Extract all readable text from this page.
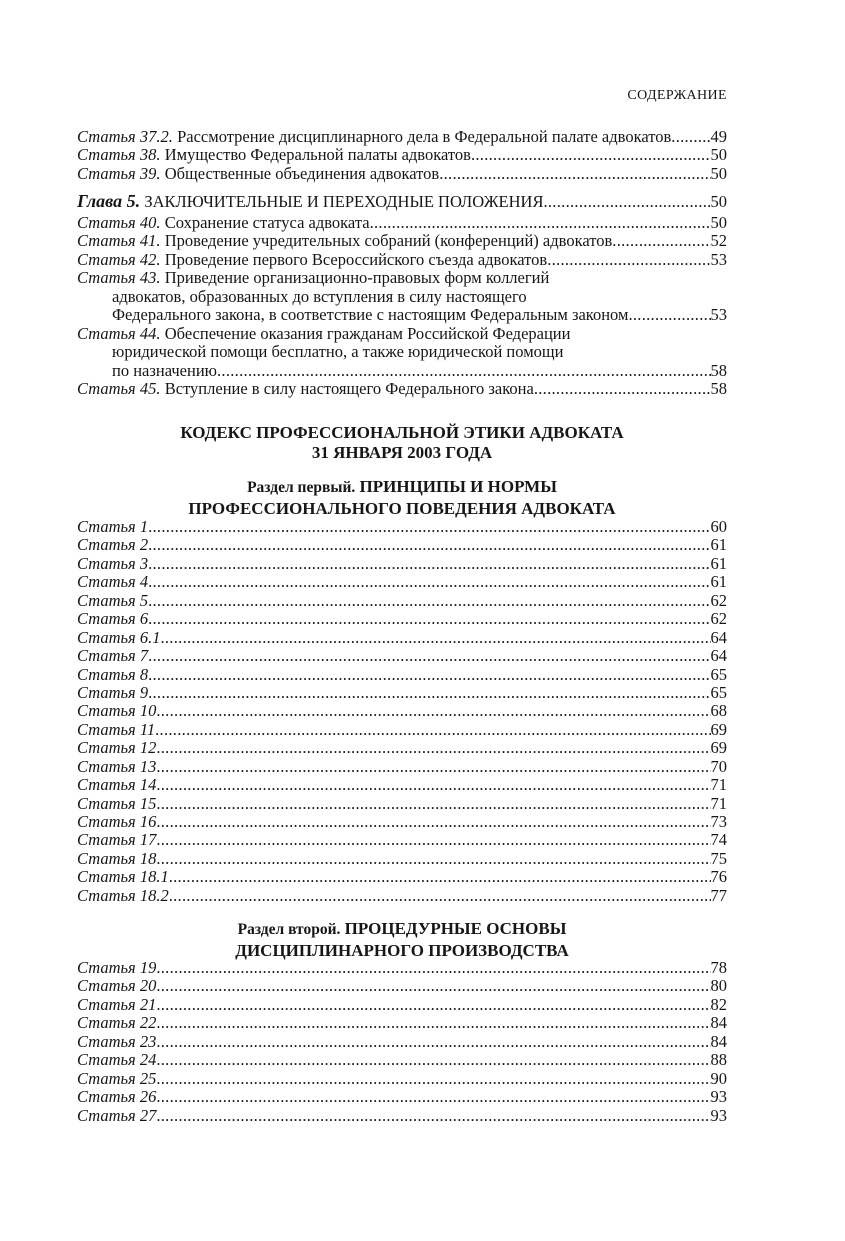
СОДЕРЖАНИЕ
Статья 37.2. Рассмотрение дисциплинарного дела в Федеральной палате адвокатов ..... 49
Статья 38. Имущество Федеральной палаты адвокатов .....	50
Статья 39. Общественные объединения адвокатов .....	50
Глава 5. ЗАКЛЮЧИТЕЛЬНЫЕ И ПЕРЕХОДНЫЕ ПОЛОЖЕНИЯ .....	50
Статья 40. Сохранение статуса адвоката .....	50
Статья 41. Проведение учредительных собраний (конференций) адвокатов .....	52
Статья 42. Проведение первого Всероссийского съезда адвокатов .....	53
Статья 43. Приведение организационно-правовых форм коллегий
адвокатов, образованных до вступления в силу настоящего
Федерального закона, в соответствие с настоящим Федеральным законом .....	53
Статья 44. Обеспечение оказания гражданам Российской Федерации
юридической помощи бесплатно, а также юридической помощи
по назначению .....	58
Статья 45. Вступление в силу настоящего Федерального закона .....	58
КОДЕКС ПРОФЕССИОНАЛЬНОЙ ЭТИКИ АДВОКАТА
31 ЯНВАРЯ 2003 ГОДА
Раздел первый. ПРИНЦИПЫ И НОРМЫ
ПРОФЕССИОНАЛЬНОГО ПОВЕДЕНИЯ АДВОКАТА
Статья 1 .....	60
Статья 2 .....	61
Статья 3 .....	61
Статья 4 .....	61
Статья 5 .....	62
Статья 6 .....	62
Статья 6.1 .....	64
Статья 7 .....	64
Статья 8 .....	65
Статья 9 .....	65
Статья 10 .....	68
Статья 11 .....	69
Статья 12 .....	69
Статья 13 .....	70
Статья 14 .....	71
Статья 15 .....	71
Статья 16 .....	73
Статья 17 .....	74
Статья 18 .....	75
Статья 18.1 .....	76
Статья 18.2 .....	77
Раздел второй. ПРОЦЕДУРНЫЕ ОСНОВЫ
ДИСЦИПЛИНАРНОГО ПРОИЗВОДСТВА
Статья 19 .....	78
Статья 20 .....	80
Статья 21 .....	82
Статья 22 .....	84
Статья 23 .....	84
Статья 24 .....	88
Статья 25 .....	90
Статья 26 .....	93
Статья 27 .....	93
